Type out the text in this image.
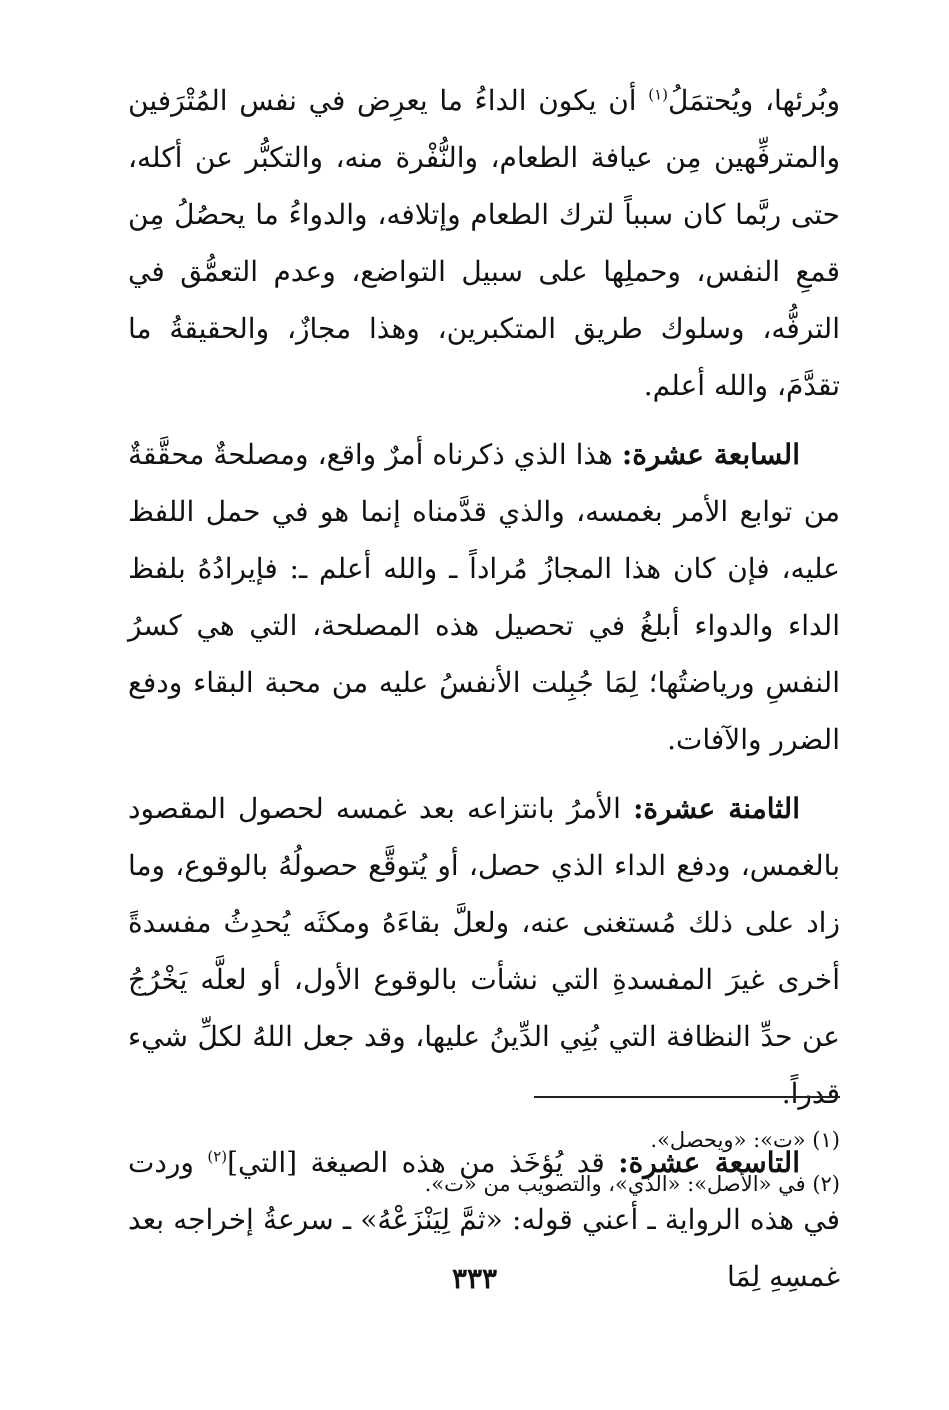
وبُرئها، ويُحتمَلُ$^{(١)}$ أن يكون الداءُ ما يعرِض في نفس المُتْرَفين والمترفِّهين مِن عيافة الطعام، والنُّفْرة منه، والتكبُّر عن أكله، حتى ربَّما كان سبباً لترك الطعام وإتلافه، والدواءُ ما يحصُلُ مِن قمعِ النفس، وحملِها على سبيل التواضع، وعدم التعمُّق في الترفُّه، وسلوك طريق المتكبرين، وهذا مجازٌ، والحقيقةُ ما تقدَّمَ، والله أعلم.

السابعة عشرة: هذا الذي ذكرناه أمرٌ واقع، ومصلحةٌ محقَّقةٌ من توابع الأمر بغمسه، والذي قدَّمناه إنما هو في حمل اللفظ عليه، فإن كان هذا المجازُ مُراداً ـ والله أعلم ـ: فإيرادُهُ بلفظ الداء والدواء أبلغُ في تحصيل هذه المصلحة، التي هي كسرُ النفسِ ورياضتُها؛ لِمَا جُبِلت الأنفسُ عليه من محبة البقاء ودفع الضرر والآفات.

الثامنة عشرة: الأمرُ بانتزاعه بعد غمسه لحصول المقصود بالغمس، ودفع الداء الذي حصل، أو يُتوقَّع حصولُهُ بالوقوع، وما زاد على ذلك مُستغنى عنه، ولعلَّ بقاءَهُ ومكثَه يُحدِثُ مفسدةً أخرى غيرَ المفسدةِ التي نشأت بالوقوع الأول، أو لعلَّه يَخْرُجُ عن حدِّ النظافة التي بُنِي الدِّينُ عليها، وقد جعل اللهُ لكلِّ شيء قدراً.

التاسعة عشرة: قد يُؤخَذ من هذه الصيغة [التي]$^{(٢)}$ وردت في هذه الرواية ـ أعني قوله: «ثمَّ لِيَنْزَعْهُ» ـ سرعةُ إخراجه بعد غمسِهِ لِمَا

(١) «ت»: «ويحصل».

(٢) في «الأصل»: «الذي»، والتصويب من «ت».

٣٣٣
